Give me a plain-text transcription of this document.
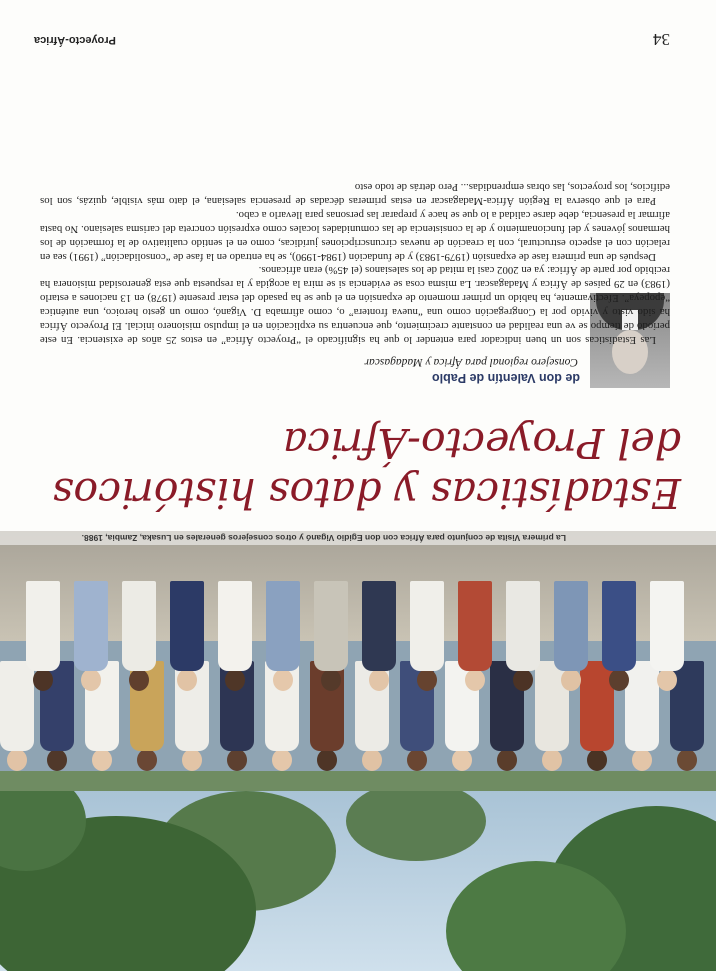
La primera Visita de conjunto para África con don Egidio Viganó y otros consejeros generales en Lusaka, Zambia, 1988.
Estadísticas y datos históricos del Proyecto-África
de don Valentín de Pablo
Consejero regional para África y Madagascar

Las Estadísticas son un buen indicador para entender lo que ha significado el “Proyecto África” en estos 25 años de existencia. En este período de tiempo se ve una realidad en constante crecimiento, que encuentra su explicación en el impulso misionero inicial. El Proyecto África ha sido visto y vivido por la Congregación como una “nueva frontera” o, como afirmaba D. Viganó, como un gesto heroico, una auténtica “epopeya”. Efectivamente, ha habido un primer momento de expansión en el que se ha pasado del estar presente (1978) en 13 naciones a estarlo (1983) en 29 países de África y Madagascar. La misma cosa se evidencia si se mira la acogida y la respuesta que esta generosidad misionera ha recibido por parte de África: ya en 2002 casi la mitad de los salesianos (el 45%) eran africanos.

Después de una primera fase de expansión (1979-1983) y de fundación (1984-1990), se ha entrado en la fase de “consolidación” (1991) sea en relación con el aspecto estructural, con la creación de nuevas circunscripciones jurídicas, como en el sentido cualitativo de la formación de los hermanos jóvenes y del funcionamiento y de la consistencia de las comunidades locales como expresión concreta del carisma salesiano. No basta afirmar la presencia, debe darse calidad a lo que se hace y preparar las personas para llevarlo a cabo.

Para el que observa la Región África-Madagascar en estas primeras décadas de presencia salesiana, el dato más visible, quizás, son los edificios, los proyectos, las obras emprendidas... Pero detrás de todo esto

34
Proyecto-África
